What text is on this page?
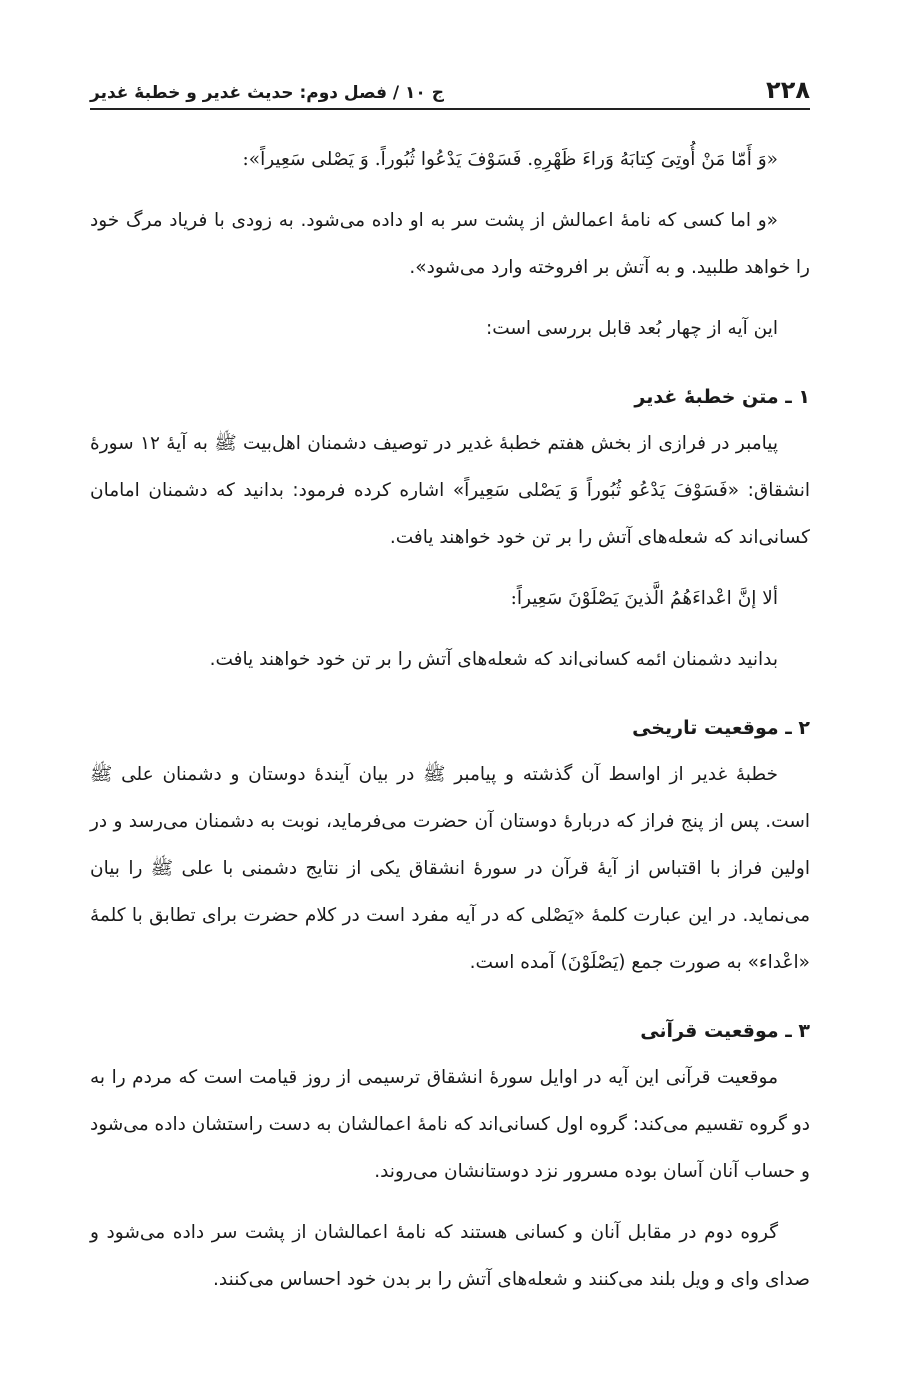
۲۲۸
ج ۱۰ / فصل دوم: حدیث غدیر و خطبهٔ غدیر

«وَ أَمّا مَنْ أُوتِیَ کِتابَهُ وَراءَ ظَهْرِهِ. فَسَوْفَ یَدْعُوا ثُبُوراً. وَ یَصْلی سَعِیراً»:

«و اما کسی که نامهٔ اعمالش از پشت سر به او داده می‌شود. به زودی با فریاد مرگ خود را خواهد طلبید. و به آتش بر افروخته وارد می‌شود».

این آیه از چهار بُعد قابل بررسی است:

۱ ـ متن خطبهٔ غدیر

پیامبر در فرازی از بخش هفتم خطبهٔ غدیر در توصیف دشمنان اهل‌بیت ﷺ به آیهٔ ۱۲ سورهٔ انشقاق: «فَسَوْفَ یَدْعُو ثُبُوراً وَ یَصْلی سَعِیراً» اشاره کرده فرمود: بدانید که دشمنان امامان کسانی‌اند که شعله‌های آتش را بر تن خود خواهند یافت.

ألا إنَّ اعْداءَهُمُ الَّذینَ یَصْلَوْنَ سَعِیراً:

بدانید دشمنان ائمه کسانی‌اند که شعله‌های آتش را بر تن خود خواهند یافت.

۲ ـ موقعیت تاریخی

خطبهٔ غدیر از اواسط آن گذشته و پیامبر ﷺ در بیان آیندهٔ دوستان و دشمنان علی ﷺ است. پس از پنج فراز که دربارهٔ دوستان آن حضرت می‌فرماید، نوبت به دشمنان می‌رسد و در اولین فراز با اقتباس از آیهٔ قرآن در سورهٔ انشقاق یکی از نتایج دشمنی با علی ﷺ را بیان می‌نماید. در این عبارت کلمهٔ «یَصْلی که در آیه مفرد است در کلام حضرت برای تطابق با کلمهٔ «اعْداء» به صورت جمع (یَصْلَوْنَ) آمده است.

۳ ـ موقعیت قرآنی

موقعیت قرآنی این آیه در اوایل سورهٔ انشقاق ترسیمی از روز قیامت است که مردم را به دو گروه تقسیم می‌کند: گروه اول کسانی‌اند که نامهٔ اعمالشان به دست راستشان داده می‌شود و حساب آنان آسان بوده مسرور نزد دوستانشان می‌روند.

گروه دوم در مقابل آنان و کسانی هستند که نامهٔ اعمالشان از پشت سر داده می‌شود و صدای وای و ویل بلند می‌کنند و شعله‌های آتش را بر بدن خود احساس می‌کنند.
